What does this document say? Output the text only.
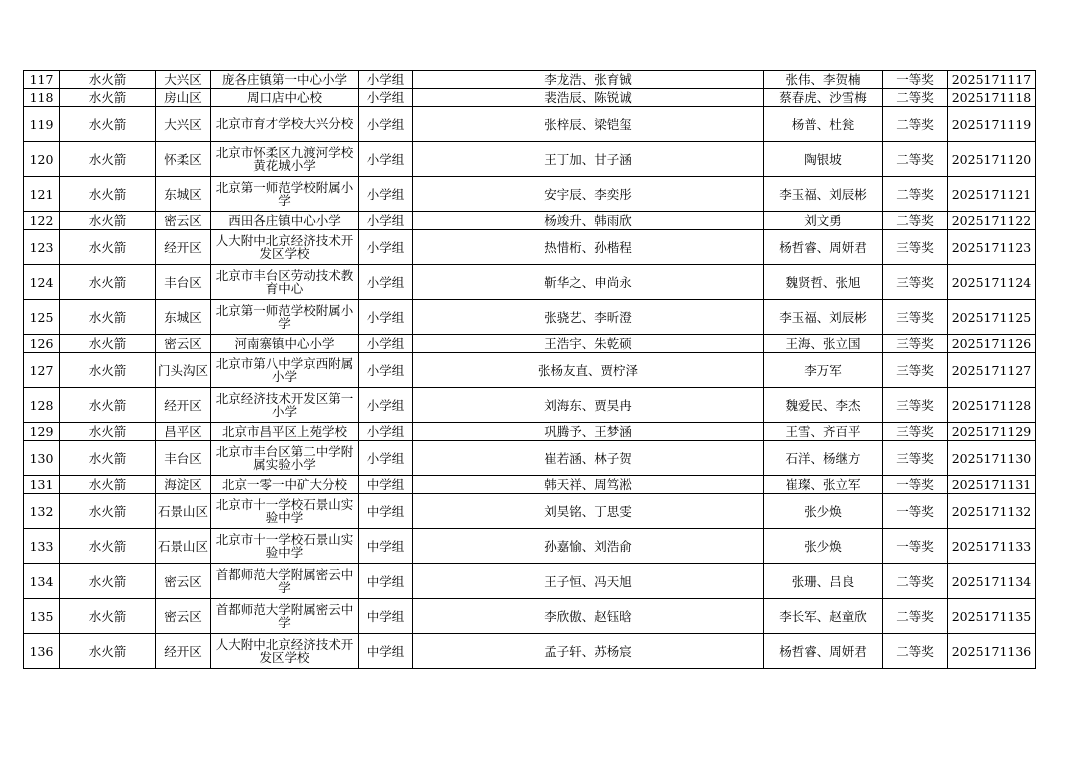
117	水火箭	大兴区	庞各庄镇第一中心小学	小学组	李龙浩、张育铖	张伟、李贺楠	一等奖	2025171117
118	水火箭	房山区	周口店中心校	小学组	裴浩辰、陈锐诚	蔡春虎、沙雪梅	二等奖	2025171118
119	水火箭	大兴区	北京市育才学校大兴分校	小学组	张梓辰、梁铠玺	杨普、杜瓮	二等奖	2025171119
120	水火箭	怀柔区	北京市怀柔区九渡河学校黄花城小学	小学组	王丁加、甘子涵	陶银坡	二等奖	2025171120
121	水火箭	东城区	北京第一师范学校附属小学	小学组	安宇辰、李奕彤	李玉福、刘辰彬	二等奖	2025171121
122	水火箭	密云区	西田各庄镇中心小学	小学组	杨竣升、韩雨欣	刘文勇	二等奖	2025171122
123	水火箭	经开区	人大附中北京经济技术开发区学校	小学组	热惜桁、孙楷程	杨哲睿、周妍君	三等奖	2025171123
124	水火箭	丰台区	北京市丰台区劳动技术教育中心	小学组	靳华之、申尚永	魏贤哲、张旭	三等奖	2025171124
125	水火箭	东城区	北京第一师范学校附属小学	小学组	张骁艺、李昕澄	李玉福、刘辰彬	三等奖	2025171125
126	水火箭	密云区	河南寨镇中心小学	小学组	王浩宇、朱乾硕	王海、张立国	三等奖	2025171126
127	水火箭	门头沟区	北京市第八中学京西附属小学	小学组	张杨友直、贾柠泽	李万军	三等奖	2025171127
128	水火箭	经开区	北京经济技术开发区第一小学	小学组	刘海东、贾昊冉	魏爱民、李杰	三等奖	2025171128
129	水火箭	昌平区	北京市昌平区上苑学校	小学组	巩腾予、王梦涵	王雪、齐百平	三等奖	2025171129
130	水火箭	丰台区	北京市丰台区第二中学附属实验小学	小学组	崔若涵、林子贺	石洋、杨继方	三等奖	2025171130
131	水火箭	海淀区	北京一零一中矿大分校	中学组	韩天祥、周笃淞	崔璨、张立军	一等奖	2025171131
132	水火箭	石景山区	北京市十一学校石景山实验中学	中学组	刘昊铭、丁思雯	张少焕	一等奖	2025171132
133	水火箭	石景山区	北京市十一学校石景山实验中学	中学组	孙嘉愉、刘浩俞	张少焕	一等奖	2025171133
134	水火箭	密云区	首都师范大学附属密云中学	中学组	王子恒、冯天旭	张珊、吕良	二等奖	2025171134
135	水火箭	密云区	首都师范大学附属密云中学	中学组	李欣傲、赵钰晗	李长军、赵童欣	二等奖	2025171135
136	水火箭	经开区	人大附中北京经济技术开发区学校	中学组	孟子轩、苏杨宸	杨哲睿、周妍君	二等奖	2025171136
